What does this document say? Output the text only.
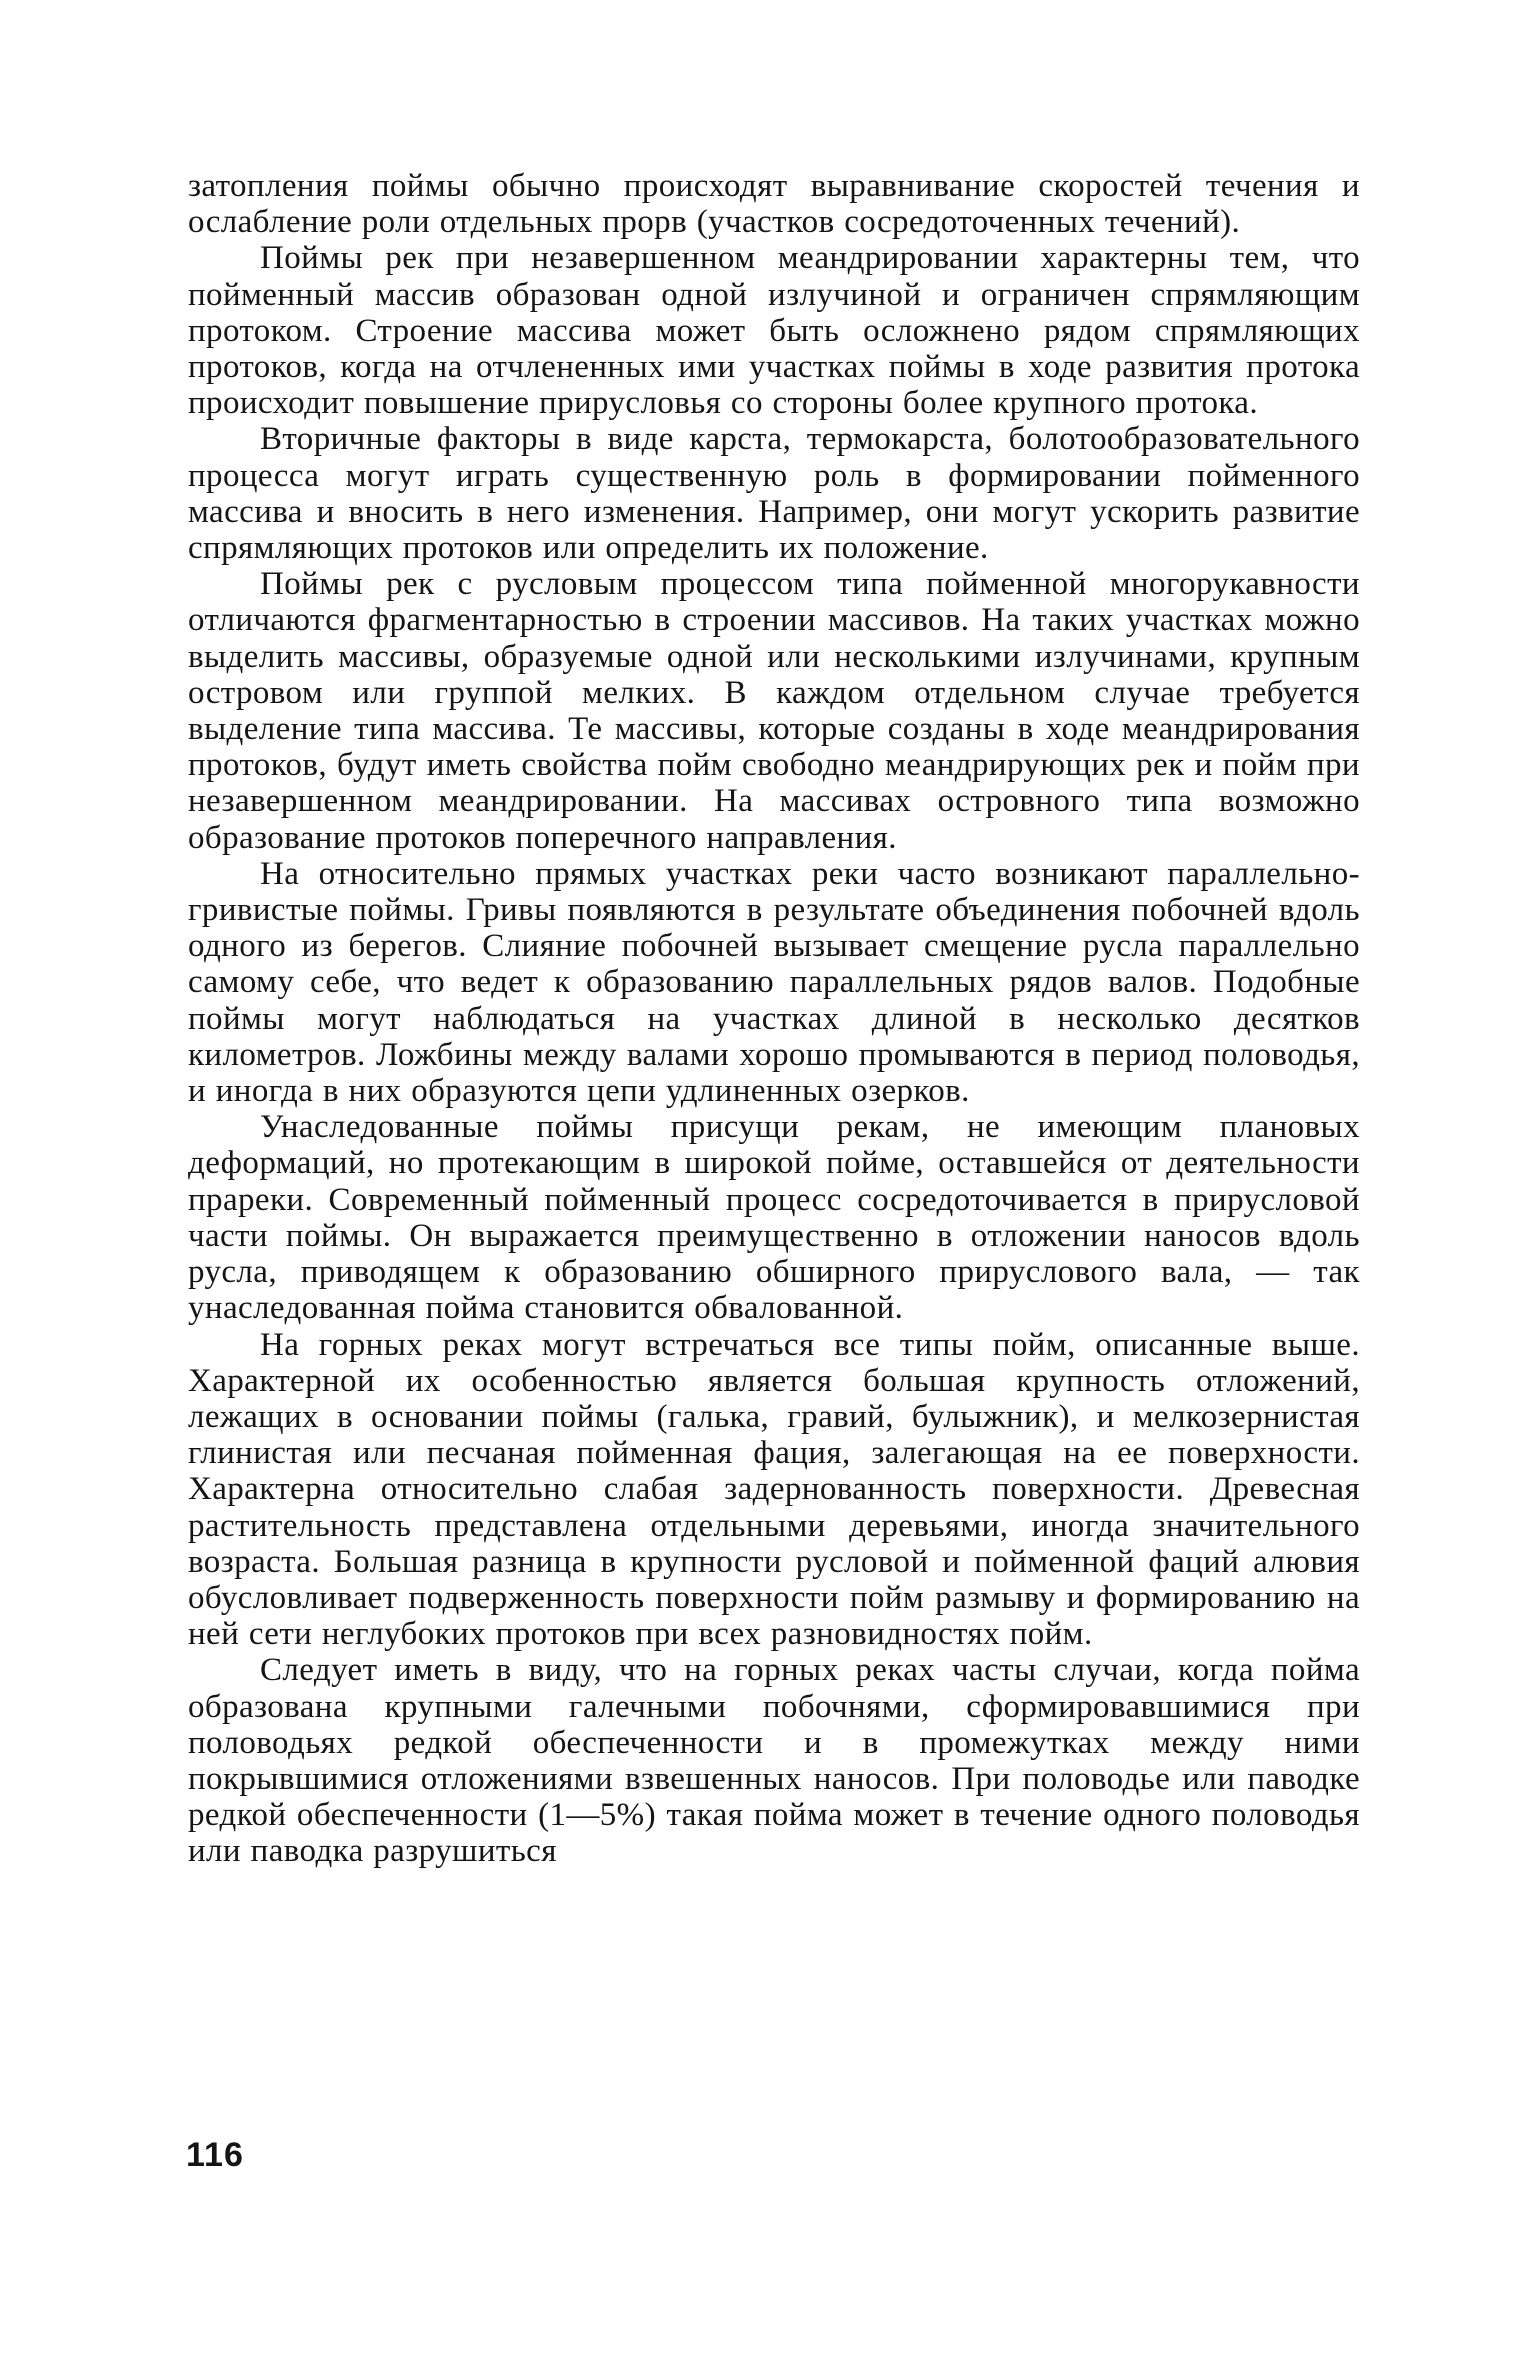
затопления поймы обычно происходят выравнивание скоростей течения и ослабление роли отдельных прорв (участков сосредоточенных течений).

Поймы рек при незавершенном меандрировании характерны тем, что пойменный массив образован одной излучиной и ограничен спрямляющим протоком. Строение массива может быть осложнено рядом спрямляющих протоков, когда на отчлененных ими участках поймы в ходе развития протока происходит повышение прирусловья со стороны более крупного протока.

Вторичные факторы в виде карста, термокарста, болотообразовательного процесса могут играть существенную роль в формировании пойменного массива и вносить в него изменения. Например, они могут ускорить развитие спрямляющих протоков или определить их положение.

Поймы рек с русловым процессом типа пойменной многорукавности отличаются фрагментарностью в строении массивов. На таких участках можно выделить массивы, образуемые одной или несколькими излучинами, крупным островом или группой мелких. В каждом отдельном случае требуется выделение типа массива. Те массивы, которые созданы в ходе меандрирования протоков, будут иметь свойства пойм свободно меандрирующих рек и пойм при незавершенном меандрировании. На массивах островного типа возможно образование протоков поперечного направления.

На относительно прямых участках реки часто возникают параллельно-гривистые поймы. Гривы появляются в результате объединения побочней вдоль одного из берегов. Слияние побочней вызывает смещение русла параллельно самому себе, что ведет к образованию параллельных рядов валов. Подобные поймы могут наблюдаться на участках длиной в несколько десятков километров. Ложбины между валами хорошо промываются в период половодья, и иногда в них образуются цепи удлиненных озерков.

Унаследованные поймы присущи рекам, не имеющим плановых деформаций, но протекающим в широкой пойме, оставшейся от деятельности прареки. Современный пойменный процесс сосредоточивается в прирусловой части поймы. Он выражается преимущественно в отложении наносов вдоль русла, приводящем к образованию обширного прируслового вала, — так унаследованная пойма становится обвалованной.

На горных реках могут встречаться все типы пойм, описанные выше. Характерной их особенностью является большая крупность отложений, лежащих в основании поймы (галька, гравий, булыжник), и мелкозернистая глинистая или песчаная пойменная фация, залегающая на ее поверхности. Характерна относительно слабая задернованность поверхности. Древесная растительность представлена отдельными деревьями, иногда значительного возраста. Большая разница в крупности русловой и пойменной фаций алювия обусловливает подверженность поверхности пойм размыву и формированию на ней сети неглубоких протоков при всех разновидностях пойм.

Следует иметь в виду, что на горных реках часты случаи, когда пойма образована крупными галечными побочнями, сформировавшимися при половодьях редкой обеспеченности и в промежутках между ними покрывшимися отложениями взвешенных наносов. При половодье или паводке редкой обеспеченности (1—5%) такая пойма может в течение одного половодья или паводка разрушиться

116
